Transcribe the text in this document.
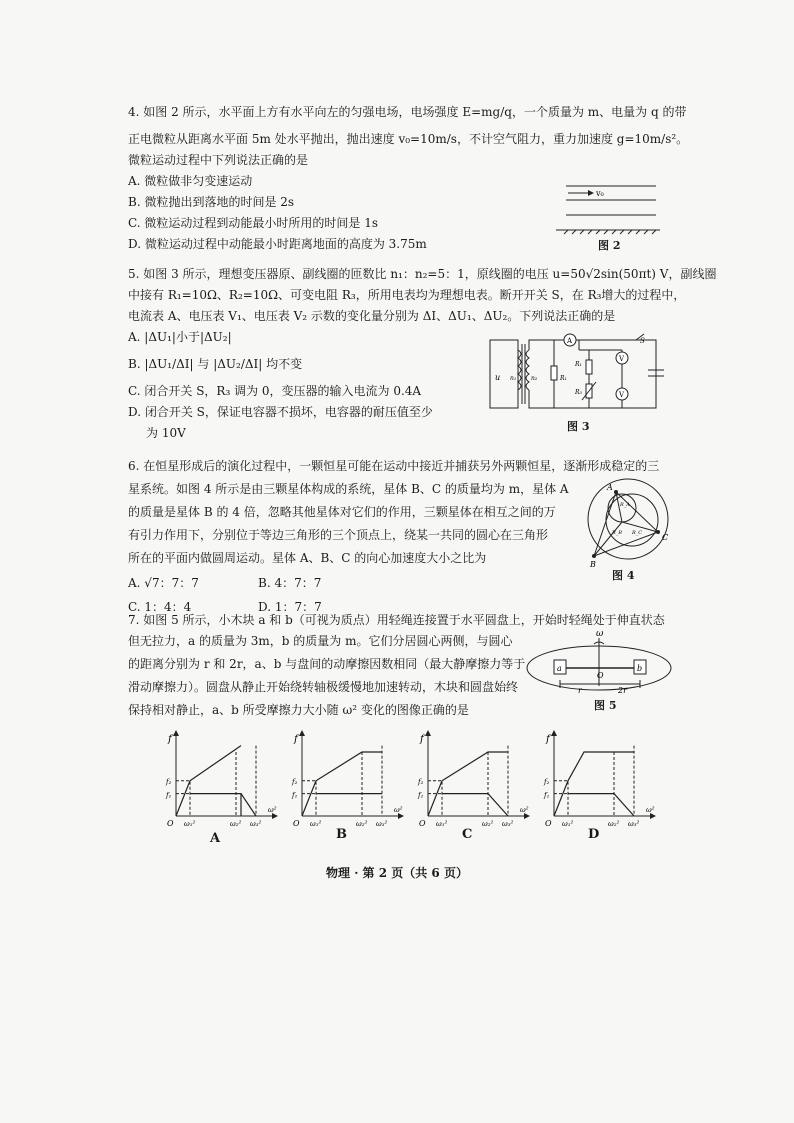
4. 如图 2 所示，水平面上方有水平向左的匀强电场，电场强度 E=mg/q，一个质量为 m、电量为 q 的带

正电微粒从距离水平面 5m 处水平抛出，抛出速度 v₀=10m/s，不计空气阻力，重力加速度 g=10m/s²。

微粒运动过程中下列说法正确的是

A. 微粒做非匀变速运动

B. 微粒抛出到落地的时间是 2s

C. 微粒运动过程到动能最小时所用的时间是 1s

D. 微粒运动过程中动能最小时距离地面的高度为 3.75m

v₀
图 2

5. 如图 3 所示，理想变压器原、副线圈的匝数比 n₁：n₂=5：1，原线圈的电压 u=50√2sin(50πt) V，副线圈

中接有 R₁=10Ω、R₂=10Ω、可变电阻 R₃，所用电表均为理想电表。断开开关 S，在 R₃增大的过程中，

电流表 A、电压表 V₁、电压表 V₂ 示数的变化量分别为 ΔI、ΔU₁、ΔU₂。下列说法正确的是

A. |ΔU₁|小于|ΔU₂|

B. |ΔU₁/ΔI| 与 |ΔU₂/ΔI| 均不变

C. 闭合开关 S，R₃ 调为 0，变压器的输入电流为 0.4A

D. 闭合开关 S，保证电容器不损坏，电容器的耐压值至少

为 10V

u n₁ n₂
A
V
V
R₁
R₁
R₃
S
图 3

6. 在恒星形成后的演化过程中，一颗恒星可能在运动中接近并捕获另外两颗恒星，逐渐形成稳定的三

星系统。如图 4 所示是由三颗星体构成的系统，星体 B、C 的质量均为 m，星体 A

的质量是星体 B 的 4 倍，忽略其他星体对它们的作用，三颗星体在相互之间的万

有引力作用下，分别位于等边三角形的三个顶点上，绕某一共同的圆心在三角形

所在的平面内做圆周运动。星体 A、B、C 的向心加速度大小之比为

A. √7：7：7	B. 4：7：7
C. 1：4：4	D. 1：7：7
A
C
B
R_A
R_C
R_B
图 4

7. 如图 5 所示，小木块 a 和 b（可视为质点）用轻绳连接置于水平圆盘上，开始时轻绳处于伸直状态

但无拉力，a 的质量为 3m，b 的质量为 m。它们分居圆心两侧，与圆心

的距离分别为 r 和 2r，a、b 与盘间的动摩擦因数相同（最大静摩擦力等于

滑动摩擦力）。圆盘从静止开始绕转轴极缓慢地加速转动，木块和圆盘始终

保持相对静止，a、b 所受摩擦力大小随 ω² 变化的图像正确的是

ω
a	b
O
r	2r
图 5
f
ω²
O
f₂
f₁
ω₁²	ω₂² ω₃²
f
ω²
O
f₂
f₁
ω₁²	ω₂² ω₃²
f
ω²
O
f₂
f₁
ω₁²	ω₂² ω₃²
f
ω²
O
f₂
f₁
ω₁²	ω₂² ω₃²
A	B	C	D
物理 · 第 2 页（共 6 页）
